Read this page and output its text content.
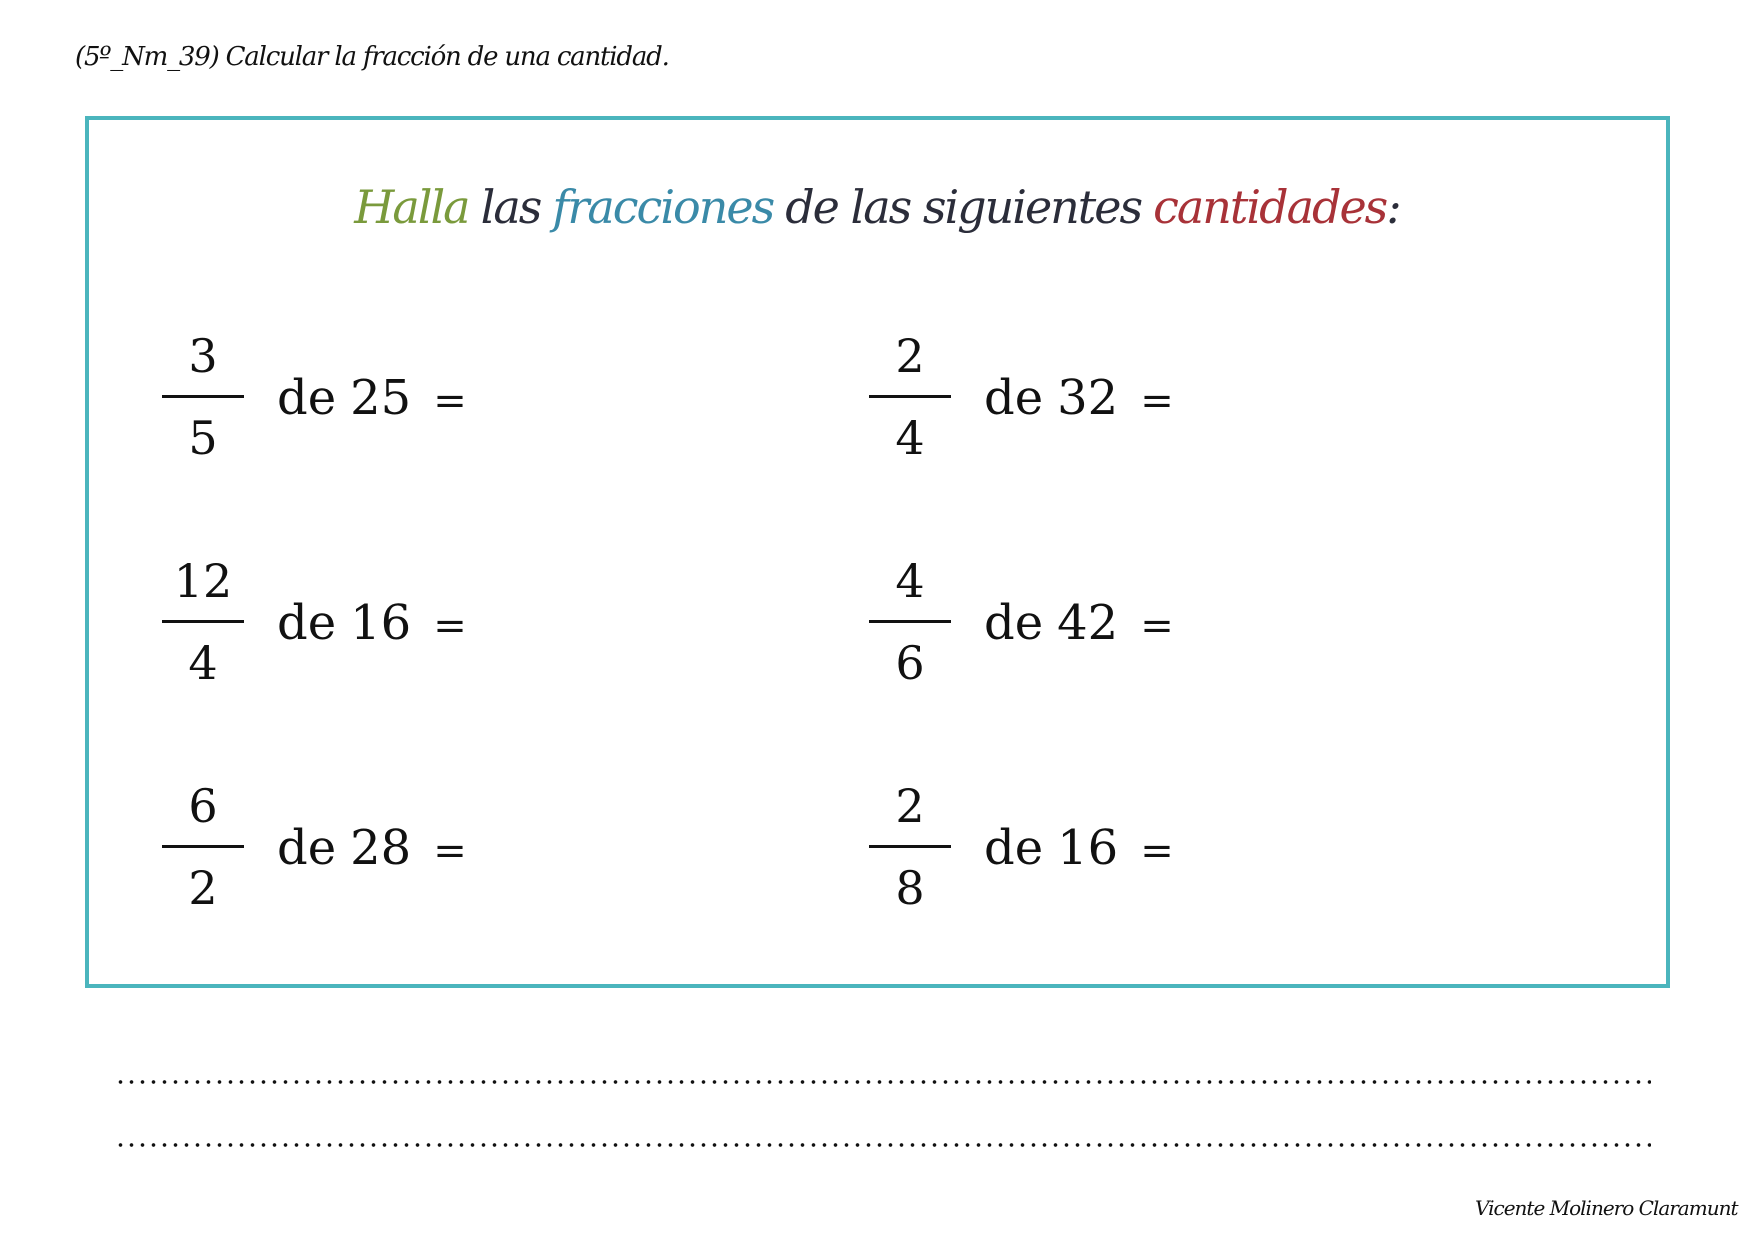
(5º_Nm_39) Calcular la fracción de una cantidad.
Halla las fracciones de las siguientes cantidades:
3
5
de 25 =
2
4
de 32 =
12
4
de 16 =
4
6
de 42 =
6
2
de 28 =
2
8
de 16 =
Vicente Molinero Claramunt
